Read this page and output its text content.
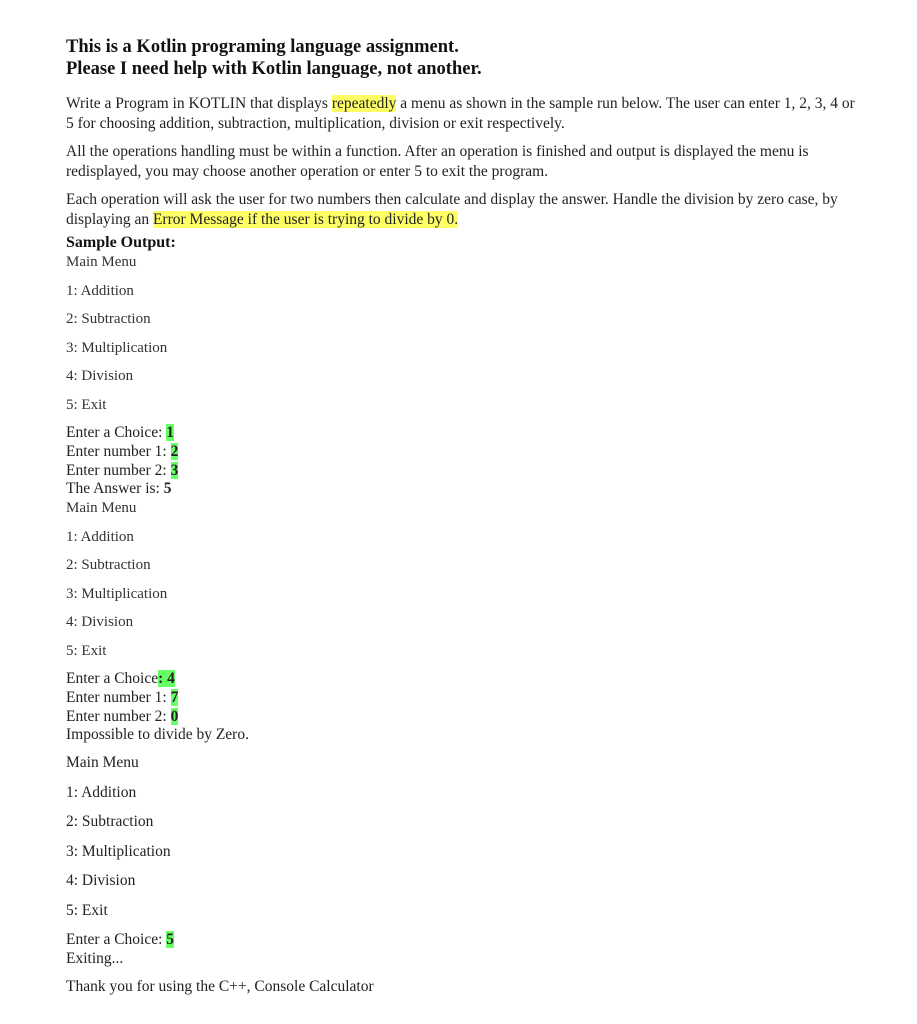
This is a Kotlin programing language assignment.
Please I need help with Kotlin language, not another.
Write a Program in KOTLIN that displays repeatedly a menu as shown in the sample run below. The user can enter 1, 2, 3, 4 or 5 for choosing addition, subtraction, multiplication, division or exit respectively.
All the operations handling must be within a function. After an operation is finished and output is displayed the menu is redisplayed, you may choose another operation or enter 5 to exit the program.
Each operation will ask the user for two numbers then calculate and display the answer. Handle the division by zero case, by displaying an Error Message if the user is trying to divide by 0.
Sample Output:
Main Menu
1: Addition
2: Subtraction
3: Multiplication
4: Division
5: Exit
Enter a Choice: 1
Enter number 1: 2
Enter number 2: 3
The Answer is: 5
Main Menu
1: Addition
2: Subtraction
3: Multiplication
4: Division
5: Exit
Enter a Choice: 4
Enter number 1: 7
Enter number 2: 0
Impossible to divide by Zero.
Main Menu
1: Addition
2: Subtraction
3: Multiplication
4: Division
5: Exit
Enter a Choice: 5
Exiting...
Thank you for using the C++, Console Calculator
